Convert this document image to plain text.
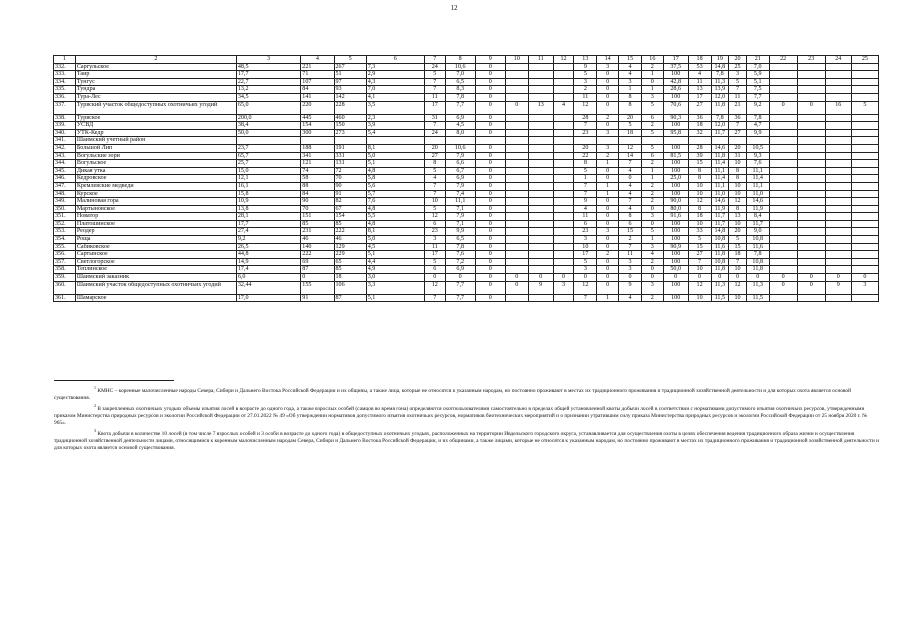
12
1	2	3	4	5	6	7	8	9	10	11	12	13	14	15	16	17	18	19	20	21	22	23	24	25
332.	Саргульское	48,5	221	267	7,3	24	10,6	0				9	3	4	2	37,5	53	14,8	25	7,0				
333.	Таир	17,7	71	51	2,9	5	7,0	0				5	0	4	1	100	4	7,8	3	5,9				
334.	Тунгус	22,7	107	97	4,3	7	6,5	0				3	0	3	0	42,8	11	11,3	5	5,1				
335.	Тундра	13,2	84	93	7,0	7	8,3	0				2	0	1	1	28,6	13	13,9	7	7,5				
336.	Тура-Лес	34,5	141	142	4,1	11	7,8	0				11	0	8	3	100	17	12,0	11	7,7				
337.	Турвский участок общедоступных охотничьих угодий	65,0	220	228	3,5	17	7,7	0	0	13	4	12	0	8	5	70,6	27	11,8	21	9,2	0	0	16	5
338.	Турвское	200,0	445	460	2,3	31	6,9	0				28	2	20	6	90,3	36	7,8	36	7,8				
339.	УСВД	38,4	154	150	3,9	7	4,5	0				7	0	5	2	100	18	12,0	7	4,7				
340.	УТК-Кедр	50,0	300	273	5,4	24	8,0	0				23	3	18	5	95,8	32	11,7	27	9,9				
341.	Шаимский учетный район																							
342.	Большой Лип	23,7	188	191	8,1	20	10,6	0				20	3	12	5	100	28	14,6	20	10,5				
343.	Вогульские зори	65,7	341	331	5,0	27	7,9	0				22	2	14	6	81,5	39	11,8	31	9,3				
344.	Вогульское	25,7	121	131	5,1	8	6,6	0				8	1	7	2	100	15	11,4	10	7,6				
345.	Дикая утка	15,0	74	72	4,8	5	6,7	0				5	0	4	1	100	8	11,1	8	11,1				
346.	Кедровское	12,1	58	70	5,8	4	6,9	0				1	0	0	1	25,0	8	11,4	8	11,4				
347.	Кремлевские медведи	16,1	88	90	5,6	7	7,9	0				7	1	4	2	100	10	11,1	10	11,1				
348.	Курское	15,8	84	91	5,7	7	7,4	0				7	1	4	2	100	10	11,0	10	11,0				
349.	Малиновая гора	10,9	90	82	7,6	10	11,1	0				9	0	7	2	90,0	12	14,6	12	14,6				
350.	Мартыновское	13,8	70	67	4,8	5	7,1	0				4	0	4	0	80,0	8	11,9	8	11,9				
351.	Новатор	28,1	151	154	5,5	12	7,9	0				11	0	8	3	91,6	18	11,7	13	8,4				
352.	Платошинское	17,7	85	85	4,8	6	7,1	0				6	0	6	0	100	10	11,7	10	11,7				
353.	Реодер	27,4	231	222	8,1	23	9,9	0				23	3	15	5	100	33	14,8	20	9,0				
354.	Роща	9,2	46	46	5,0	3	6,5	0				3	0	2	1	100	5	10,8	5	10,8				
355.	Сабиковское	26,5	140	129	4,5	11	7,8	0				10	0	7	3	90,9	15	11,6	15	11,6				
356.	Сартынское	44,8	222	229	5,1	17	7,6	0				17	2	11	4	100	27	11,8	18	7,8				
357.	Светлогорское	14,9	69	65	4,4	5	7,2	0				5	0	3	2	100	7	10,8	7	10,8				
358.	Теплинское	17,4	87	85	4,9	6	6,9	0				3	0	3	0	50,0	10	11,8	10	11,8				
359.	Шаимский заказник	6,0	0	18	3,0	0	0	0	0	0	0	0	0	0	0	0	0	0	0	0	0	0	0	0
360.	Шаимский участок общедоступных охотничьих угодий	32,44	155	106	3,3	12	7,7	0	0	9	3	12	0	9	3	100	12	11,3	12	11,3	0	0	9	3
361.	Шамарское	17,0	91	87	5,1	7	7,7	0				7	1	4	2	100	10	11,5	10	11,5				

$^1$ КМНС – коренные малочисленные народы Севера, Сибири и Дальнего Востока Российской Федерации и их общины, а также лица, которые не относятся к указанным народам, но постоянно проживают в местах их традиционного проживания и традиционной хозяйственной деятельности и для которых охота является основой существования.

$^2$ В закрепленных охотничьих угодьях объемы изъятия лосей в возрасте до одного года, а также взрослых особей (самцов во время гона) определяются охотпользователями самостоятельно в пределах общей установленной квоты добычи лосей в соответствии с нормативами допустимого изъятия охотничьих ресурсов, утвержденными приказом Министерства природных ресурсов и экологии Российской Федерации от 27.01.2022 № 49 «Об утверждении нормативов допустимого изъятия охотничьих ресурсов, нормативов биотехнических мероприятий и о признании утратившим силу приказа Министерства природных ресурсов и экологии Российской Федерации от 25 ноября 2020 г. № 965».

$^3$ Квота добычи в количестве 10 лосей (в том числе 7 взрослых особей и 3 особи в возрасте до одного года) в общедоступных охотничьих угодьях, расположенных на территории Ивдельского городского округа, устанавливается для осуществления охоты в целях обеспечения ведения традиционного образа жизни и осуществления традиционной хозяйственной деятельности лицами, относящимися к коренным малочисленным народам Севера, Сибири и Дальнего Востока Российской Федерации, и их общинами, а также лицами, которые не относятся к указанным народам, но постоянно проживают в местах их традиционного проживания и традиционной хозяйственной деятельности и для которых охота является основой существования.
